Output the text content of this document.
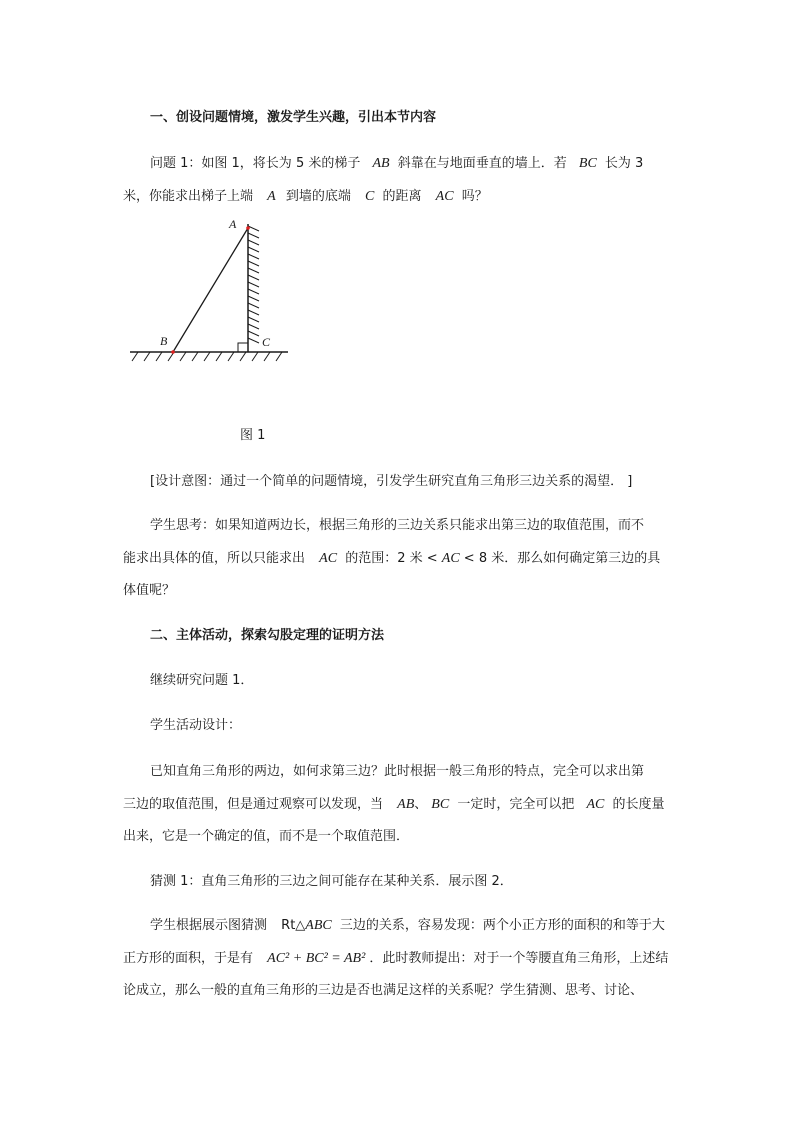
一、创设问题情境，激发学生兴趣，引出本节内容
问题 1：如图 1，将长为 5 米的梯子 AB 斜靠在与地面垂直的墙上．若 BC 长为 3
米，你能求出梯子上端 A 到墙的底端 C 的距离 AC 吗？
A
B	C
图 1
[设计意图：通过一个简单的问题情境，引发学生研究直角三角形三边关系的渴望． ]
学生思考：如果知道两边长，根据三角形的三边关系只能求出第三边的取值范围，而不
能求出具体的值，所以只能求出 AC 的范围：2 米 < AC < 8 米．那么如何确定第三边的具
体值呢？
二、主体活动，探索勾股定理的证明方法
继续研究问题 1．
学生活动设计：
已知直角三角形的两边，如何求第三边？此时根据一般三角形的特点，完全可以求出第
三边的取值范围，但是通过观察可以发现，当 AB、 BC 一定时，完全可以把 AC 的长度量
出来，它是一个确定的值，而不是一个取值范围．
猜测 1：直角三角形的三边之间可能存在某种关系．展示图 2．
学生根据展示图猜测 Rt△ABC 三边的关系，容易发现：两个小正方形的面积的和等于大
正方形的面积，于是有 AC² + BC² = AB² ．此时教师提出：对于一个等腰直角三角形，上述结
论成立，那么一般的直角三角形的三边是否也满足这样的关系呢？学生猜测、思考、讨论、
